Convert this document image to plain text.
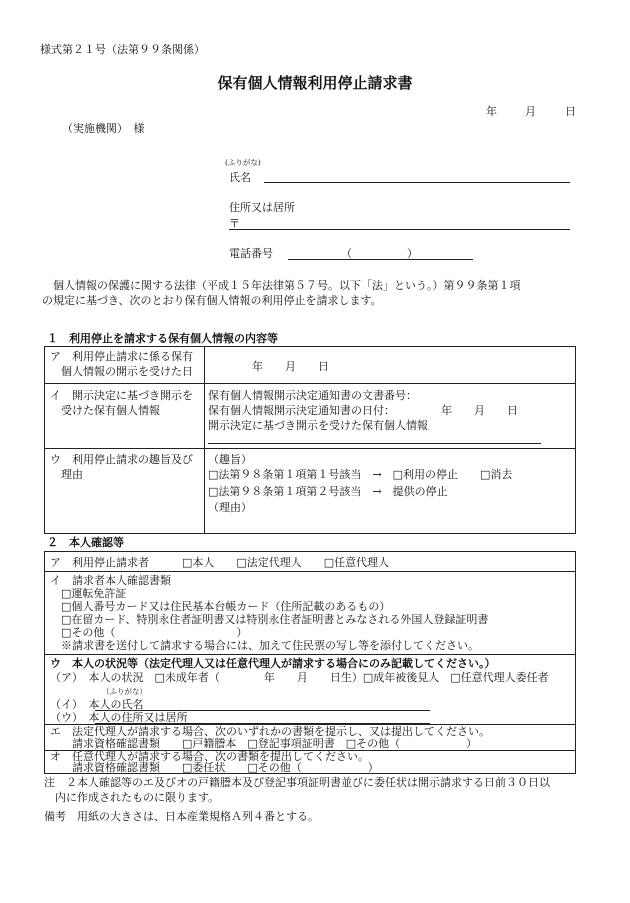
様式第２１号（法第９９条関係）
保有個人情報利用停止請求書
年	月	日
（実施機関）　様
(ふりがな)
氏名
住所又は居所
〒
電話番号	（　　　　　）
　個人情報の保護に関する法律（平成１５年法律第５７号。以下「法」という。）第９９条第１項
の規定に基づき、次のとおり保有個人情報の利用停止を請求します。
１　利用停止を請求する保有個人情報の内容等
ア　利用停止請求に係る保有
　個人情報の開示を受けた日	年　　月　　日
イ　開示決定に基づき開示を
　受けた保有個人情報
保有個人情報開示決定通知書の文書番号：
保有個人情報開示決定通知書の日付：	年　　月　　日
開示決定に基づき開示を受けた保有個人情報
ウ　利用停止請求の趣旨及び
　理由
（趣旨）
□法第９８条第１項第１号該当　→　□利用の停止　　□消去
□法第９８条第１項第２号該当　→　提供の停止
（理由）
２　本人確認等
ア　利用停止請求者　　　□本人　　□法定代理人　　□任意代理人
イ　請求者本人確認書類
　□運転免許証
　□個人番号カード又は住民基本台帳カード（住所記載のあるもの）
　□在留カード、特別永住者証明書又は特別永住者証明書とみなされる外国人登録証明書
　□その他（　　　　　　　　　　　）
　※請求書を送付して請求する場合には、加えて住民票の写し等を添付してください。
ウ　本人の状況等（法定代理人又は任意代理人が請求する場合にのみ記載してください。）
（ア）　本人の状況　□未成年者（　　　　年　　月　　日生）□成年被後見人　□任意代理人委任者
（ふりがな）
（イ）　本人の氏名
（ウ）　本人の住所又は居所
エ　法定代理人が請求する場合、次のいずれかの書類を提示し、又は提出してください。
　　請求資格確認書類　　□戸籍謄本　□登記事項証明書　□その他（　　　　　　）
オ　任意代理人が請求する場合、次の書類を提出してください。
　　請求資格確認書類　　□委任状　　□その他（　　　　　　）
注　２本人確認等のエ及びオの戸籍謄本及び登記事項証明書並びに委任状は開示請求する日前３０日以
　内に作成されたものに限ります。
備考　用紙の大きさは、日本産業規格Ａ列４番とする。
